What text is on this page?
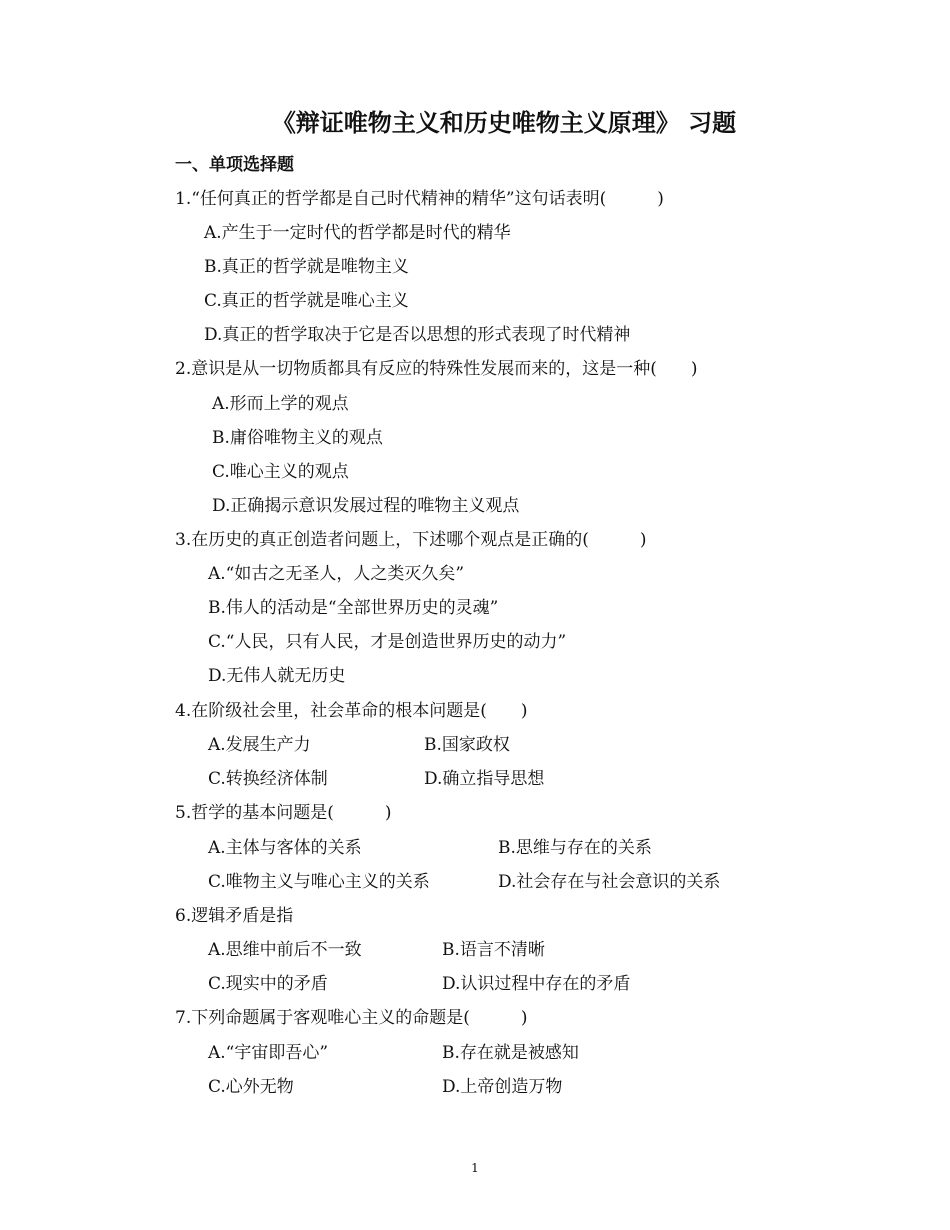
《辩证唯物主义和历史唯物主义原理》 习题
一、单项选择题
1.“任何真正的哲学都是自己时代精神的精华”这句话表明(　　　)
A.产生于一定时代的哲学都是时代的精华
B.真正的哲学就是唯物主义
C.真正的哲学就是唯心主义
D.真正的哲学取决于它是否以思想的形式表现了时代精神
2.意识是从一切物质都具有反应的特殊性发展而来的，这是一种(　　)
A.形而上学的观点
B.庸俗唯物主义的观点
C.唯心主义的观点
D.正确揭示意识发展过程的唯物主义观点
3.在历史的真正创造者问题上，下述哪个观点是正确的(　　　)
A.“如古之无圣人，人之类灭久矣”
B.伟人的活动是“全部世界历史的灵魂”
C.“人民，只有人民，才是创造世界历史的动力”
D.无伟人就无历史
4.在阶级社会里，社会革命的根本问题是(　　)
A.发展生产力	B.国家政权
C.转换经济体制	D.确立指导思想
5.哲学的基本问题是(　　　)
A.主体与客体的关系	B.思维与存在的关系
C.唯物主义与唯心主义的关系	D.社会存在与社会意识的关系
6.逻辑矛盾是指
A.思维中前后不一致	B.语言不清晰
C.现实中的矛盾	D.认识过程中存在的矛盾
7.下列命题属于客观唯心主义的命题是(　　　)
A.“宇宙即吾心”	B.存在就是被感知
C.心外无物	D.上帝创造万物
1
